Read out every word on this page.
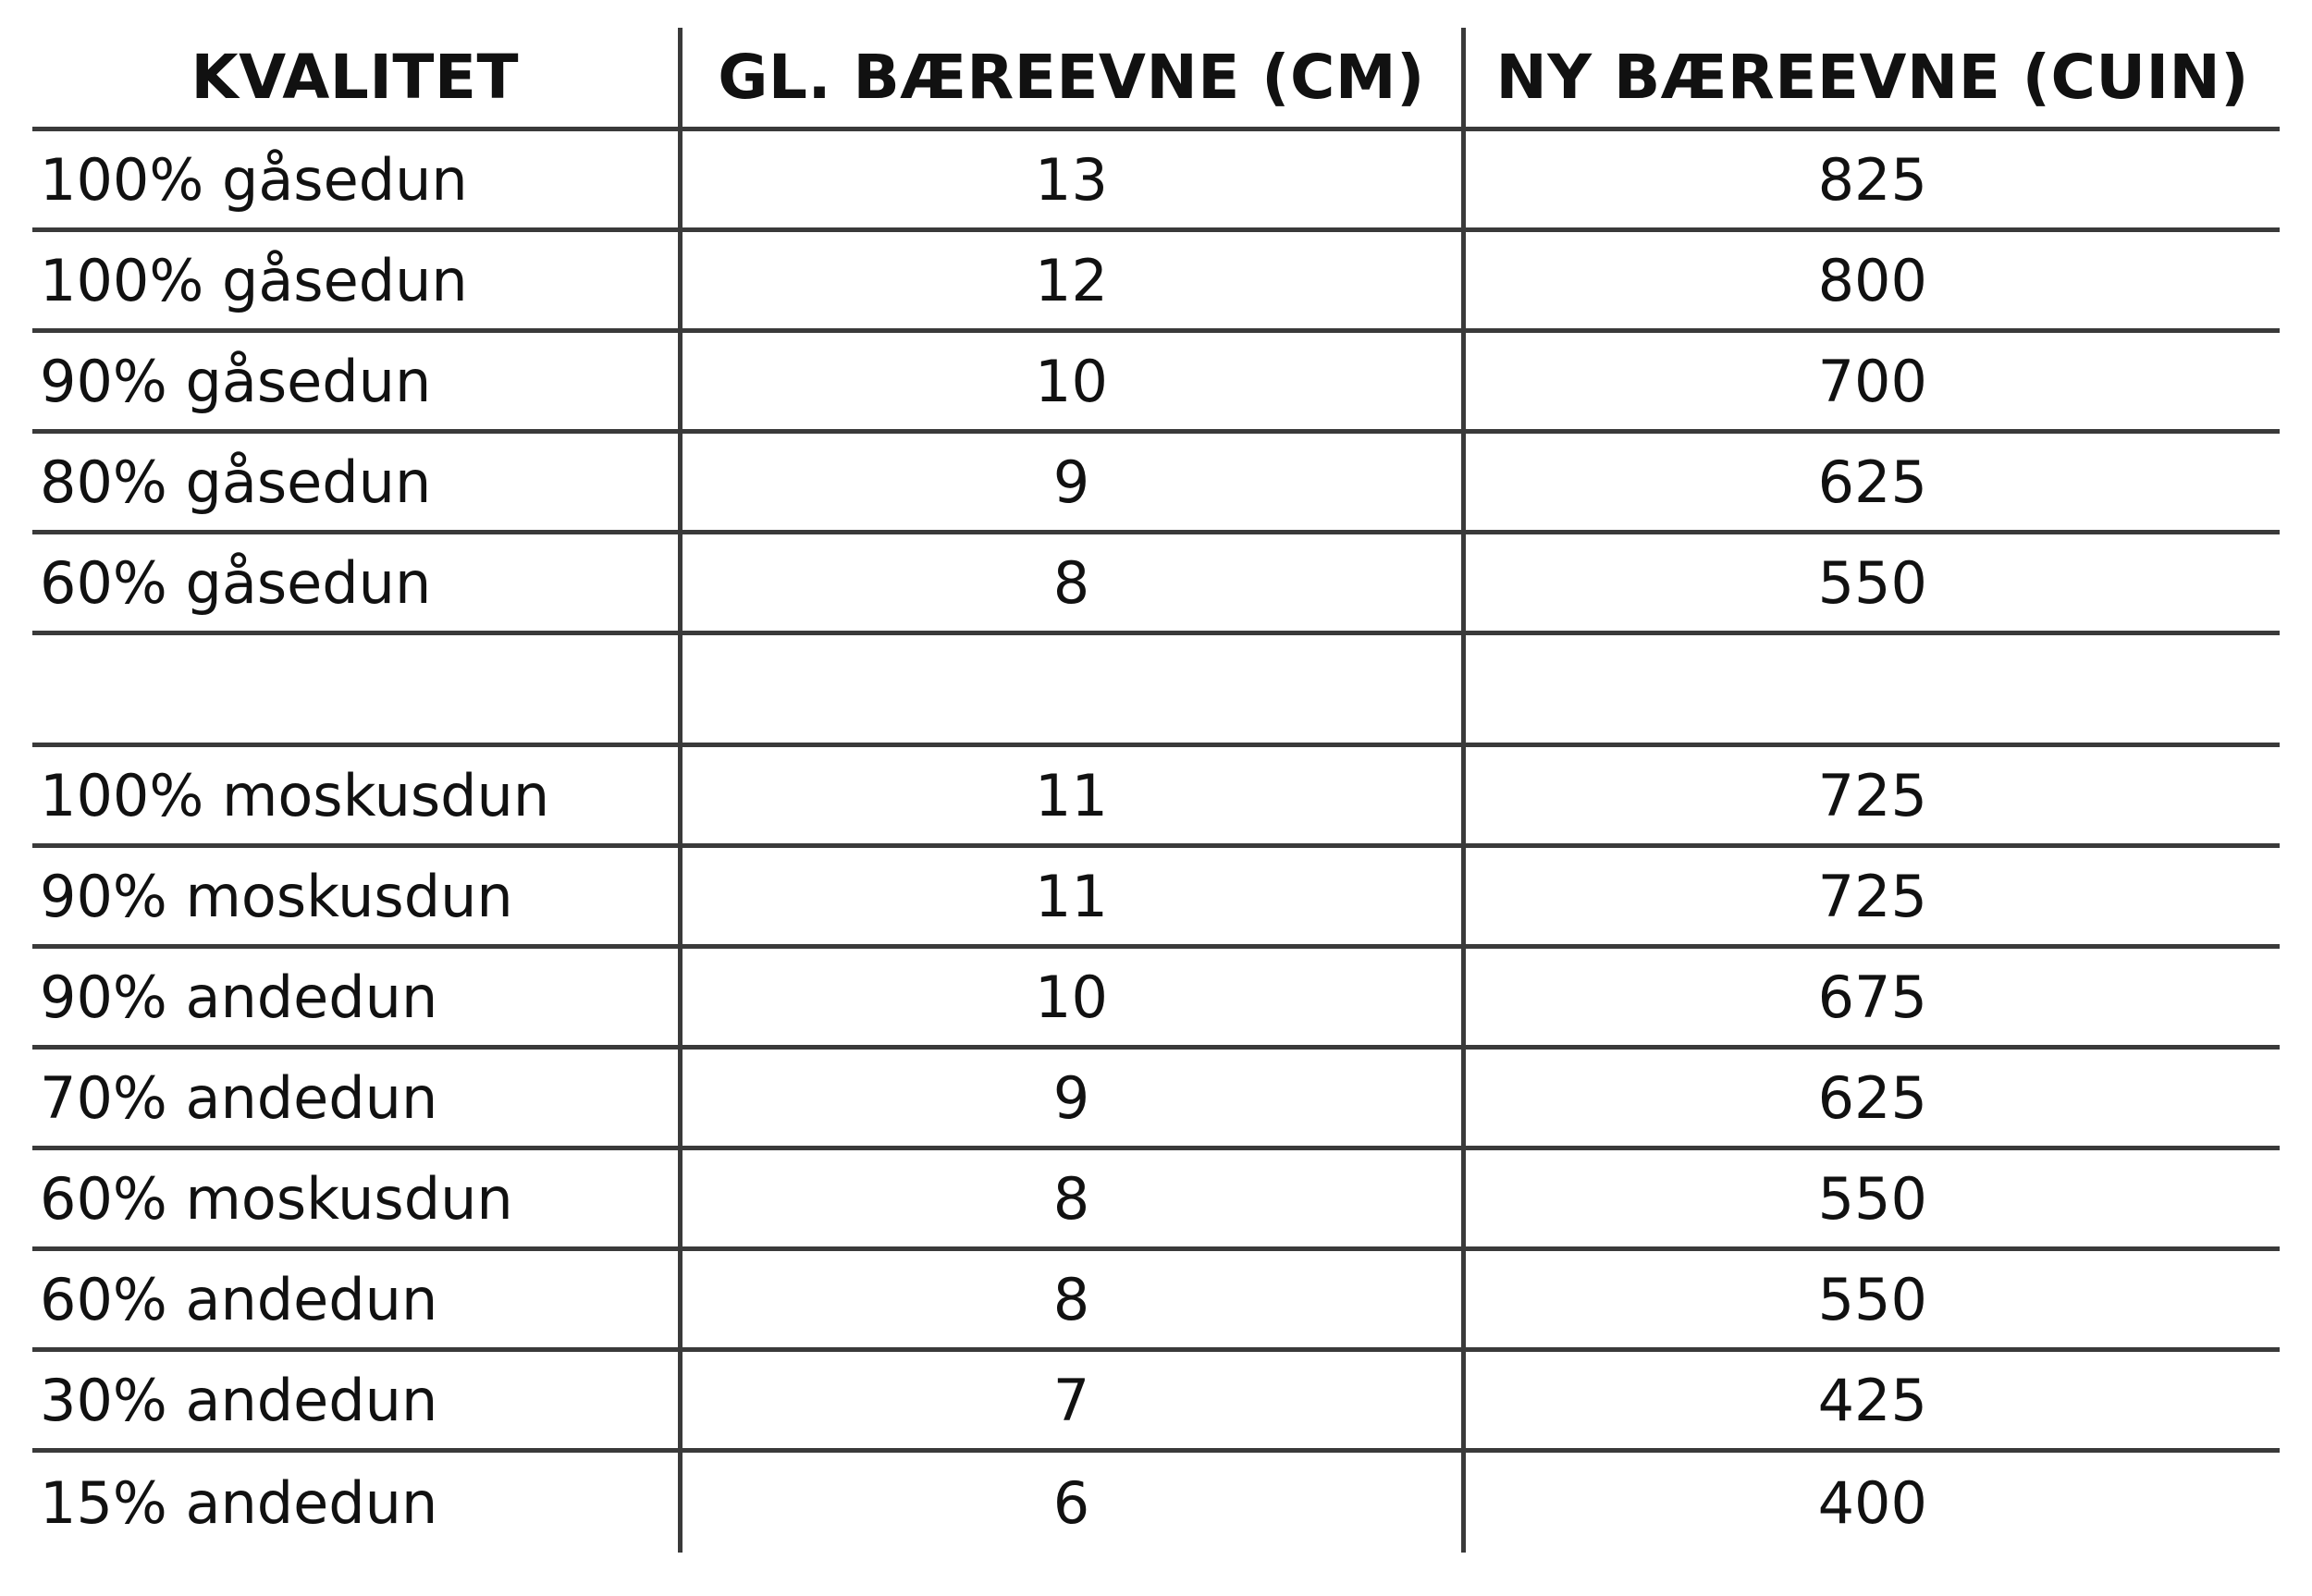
KVALITET	GL. BÆREEVNE (CM)	NY BÆREEVNE (CUIN)
100% gåsedun	13	825
100% gåsedun	12	800
90% gåsedun	10	700
80% gåsedun	9	625
60% gåsedun	8	550

100% moskusdun	11	725
90% moskusdun	11	725
90% andedun	10	675
70% andedun	9	625
60% moskusdun	8	550
60% andedun	8	550
30% andedun	7	425
15% andedun	6	400
